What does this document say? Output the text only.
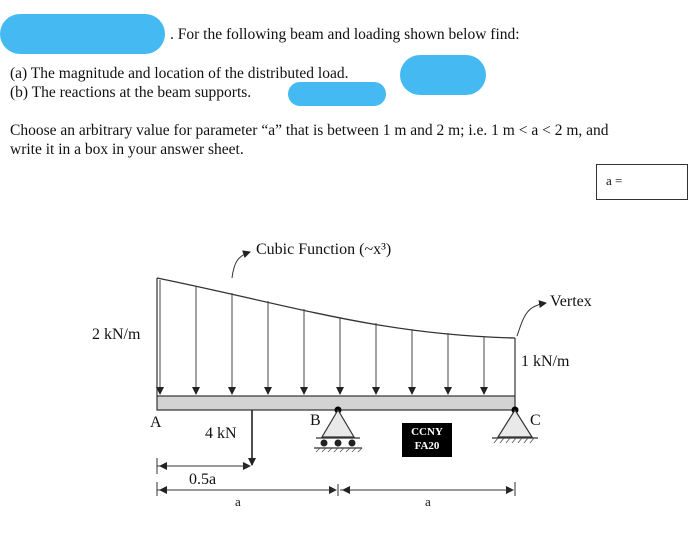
. For the following beam and loading shown below find:
(a) The magnitude and location of the distributed load.
(b) The reactions at the beam supports.
Choose an arbitrary value for parameter “a” that is between 1 m and 2 m; i.e. 1 m < a < 2 m, and
write it in a box in your answer sheet.
a =
Cubic Function (~x³)
Vertex
2 kN/m
1 kN/m
A	B	C
4 kN
0.5a
a	a
CCNY
FA20
